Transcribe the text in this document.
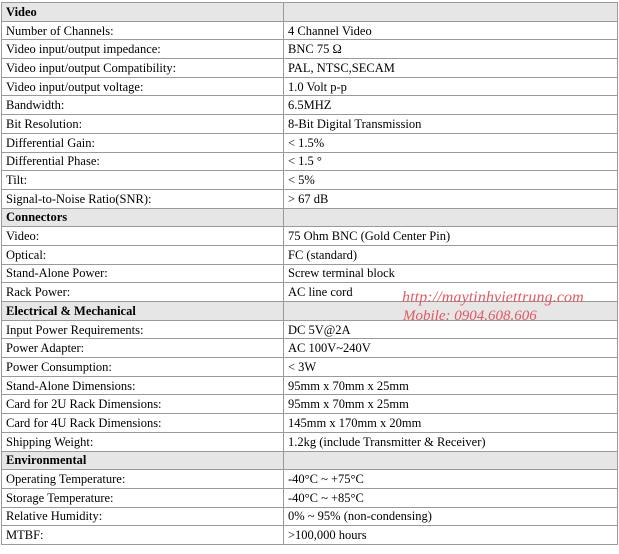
Video	
Number of Channels:	4 Channel Video
Video input/output impedance:	BNC 75 Ω
Video input/output Compatibility:	PAL, NTSC,SECAM
Video input/output voltage:	1.0 Volt p-p
Bandwidth:	6.5MHZ
Bit Resolution:	8-Bit Digital Transmission
Differential Gain:	< 1.5%
Differential Phase:	< 1.5 °
Tilt:	< 5%
Signal-to-Noise Ratio(SNR):	> 67 dB
Connectors	
Video:	75 Ohm BNC (Gold Center Pin)
Optical:	FC (standard)
Stand-Alone Power:	Screw terminal block
Rack Power:	AC line cord
Electrical & Mechanical	
Input Power Requirements:	DC 5V@2A
Power Adapter:	AC 100V~240V
Power Consumption:	< 3W
Stand-Alone Dimensions:	95mm x 70mm x 25mm
Card for 2U Rack Dimensions:	95mm x 70mm x 25mm
Card for 4U Rack Dimensions:	145mm x 170mm x 20mm
Shipping Weight:	1.2kg (include Transmitter & Receiver)
Environmental	
Operating Temperature:	-40°C ~ +75°C
Storage Temperature:	-40°C ~ +85°C
Relative Humidity:	0% ~ 95% (non-condensing)
MTBF:	>100,000 hours
http://maytinhviettrung.com
Mobile: 0904.608.606
